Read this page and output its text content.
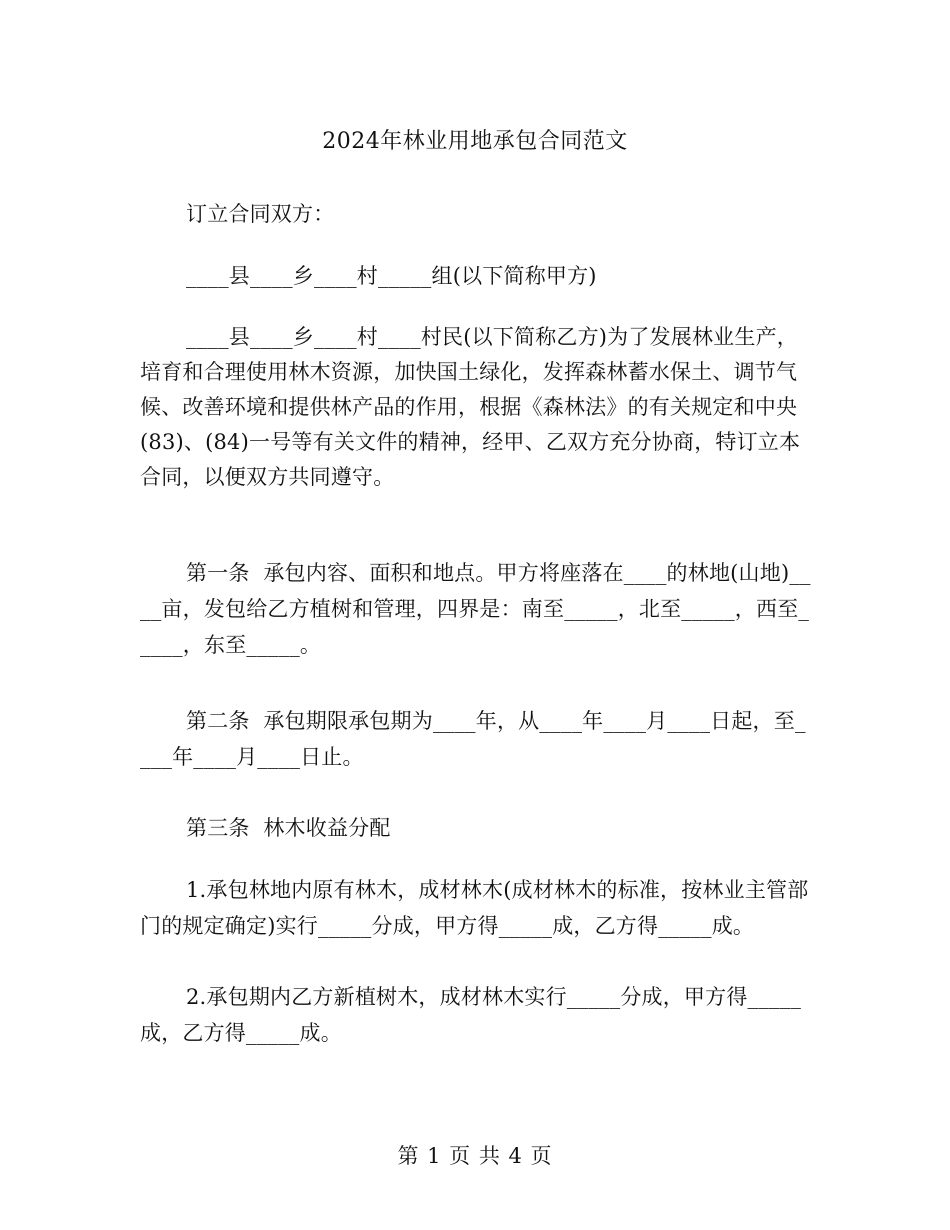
2024年林业用地承包合同范文

订立合同双方：

____县____乡____村_____组(以下简称甲方)

____县____乡____村____村民(以下简称乙方)为了发展林业生产，培育和合理使用林木资源，加快国土绿化，发挥森林蓄水保土、调节气候、改善环境和提供林产品的作用，根据《森林法》的有关规定和中央(83)、(84)一号等有关文件的精神，经甲、乙双方充分协商，特订立本合同，以便双方共同遵守。

第一条  承包内容、面积和地点。甲方将座落在____的林地(山地)____亩，发包给乙方植树和管理，四界是：南至_____，北至_____，西至_____，东至_____。

第二条  承包期限承包期为____年，从____年____月____日起，至____年____月____日止。

第三条  林木收益分配

1.承包林地内原有林木，成材林木(成材林木的标准，按林业主管部门的规定确定)实行_____分成，甲方得_____成，乙方得_____成。

2.承包期内乙方新植树木，成材林木实行_____分成，甲方得_____成，乙方得_____成。

第 1 页 共 4 页
